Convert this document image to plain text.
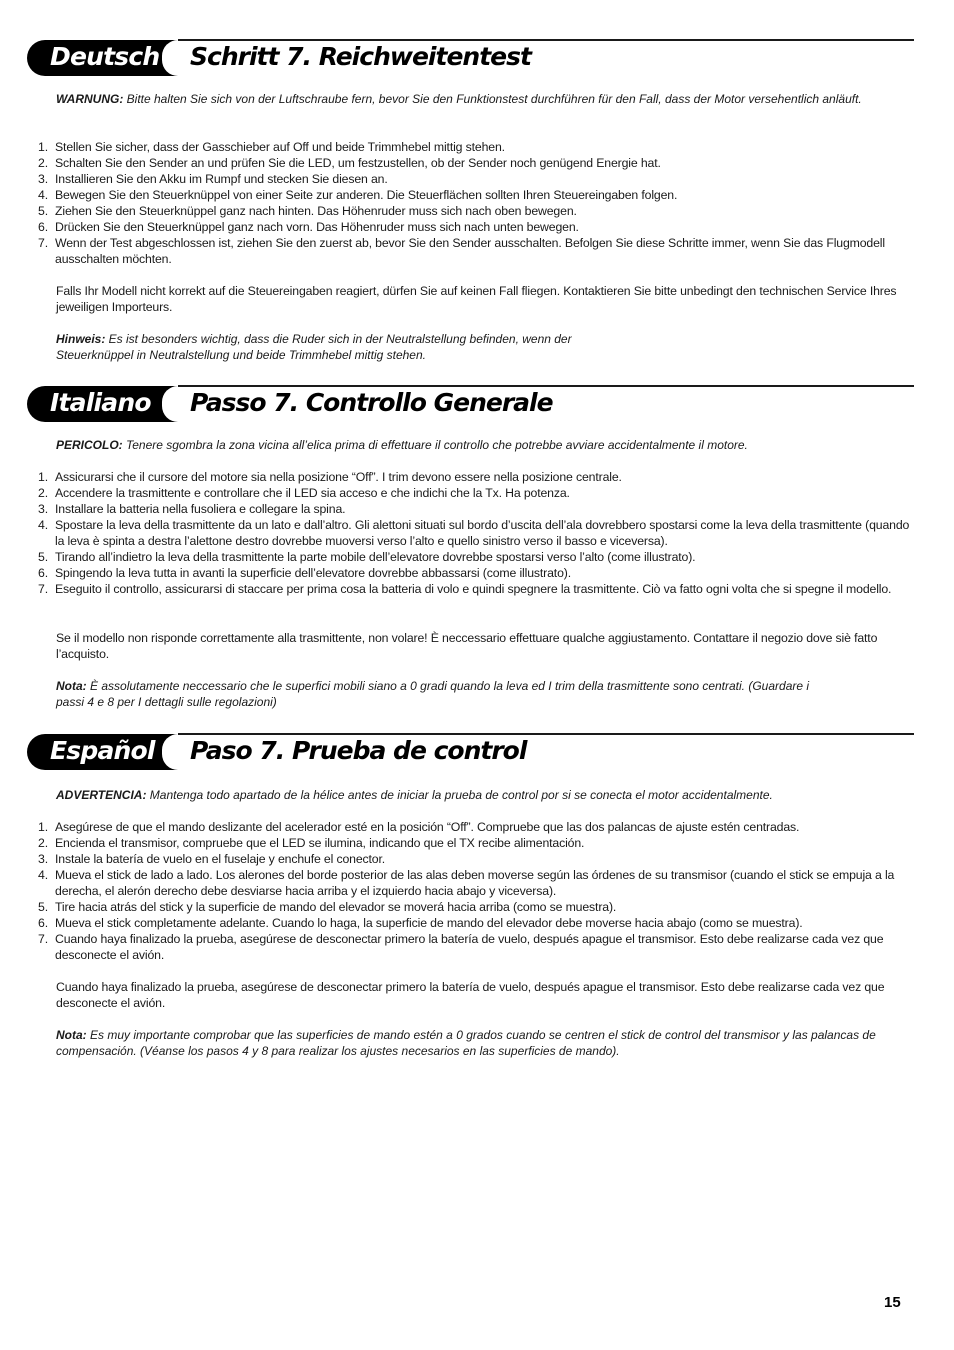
Deutsch	Schritt 7. Reichweitentest
WARNUNG: Bitte halten Sie sich von der Luftschraube fern, bevor Sie den Funktionstest durchführen für den Fall, dass der Motor versehentlich anläuft.
1. Stellen Sie sicher, dass der Gasschieber auf Off und beide Trimmhebel mittig stehen.
2. Schalten Sie den Sender an und prüfen Sie die LED, um festzustellen, ob der Sender noch genügend Energie hat.
3. Installieren Sie den Akku im Rumpf und stecken Sie diesen an.
4. Bewegen Sie den Steuerknüppel von einer Seite zur anderen. Die Steuerflächen sollten Ihren Steuereingaben folgen.
5. Ziehen Sie den Steuerknüppel ganz nach hinten. Das Höhenruder muss sich nach oben bewegen.
6. Drücken Sie den Steuerknüppel ganz nach vorn. Das Höhenruder muss sich nach unten bewegen.
7. Wenn der Test abgeschlossen ist, ziehen Sie den zuerst ab, bevor Sie den Sender ausschalten. Befolgen Sie diese Schritte immer, wenn Sie das Flugmodell ausschalten möchten.
Falls Ihr Modell nicht korrekt auf die Steuereingaben reagiert, dürfen Sie auf keinen Fall fliegen. Kontaktieren Sie bitte unbedingt den technischen Service Ihres jeweiligen Importeurs.
Hinweis: Es ist besonders wichtig, dass die Ruder sich in der Neutralstellung befinden, wenn der Steuerknüppel in Neutralstellung und beide Trimmhebel mittig stehen.
Italiano	Passo 7. Controllo Generale
PERICOLO: Tenere sgombra la zona vicina all’elica prima di effettuare il controllo che potrebbe avviare accidentalmente il motore.
1. Assicurarsi che il cursore del motore sia nella posizione “Off”. I trim devono essere nella posizione centrale.
2. Accendere la trasmittente e controllare che il LED sia acceso e che indichi che la Tx. Ha potenza.
3. Installare la batteria nella fusoliera e collegare la spina.
4. Spostare la leva della trasmittente da un lato e dall’altro. Gli alettoni situati sul bordo d’uscita dell’ala dovrebbero spostarsi come la leva della trasmittente (quando la leva è spinta a destra l’alettone destro dovrebbe muoversi verso l’alto e quello sinistro verso il basso e viceversa).
5. Tirando all’indietro la leva della trasmittente la parte mobile dell’elevatore dovrebbe spostarsi verso l’alto (come illustrato).
6. Spingendo la leva tutta in avanti la superficie dell’elevatore dovrebbe abbassarsi (come illustrato).
7. Eseguito il controllo, assicurarsi di staccare per prima cosa la batteria di volo e quindi spegnere la trasmittente. Ciò va fatto ogni volta che si spegne il modello.
Se il modello non risponde correttamente alla trasmittente, non volare! È neccessario effettuare qualche aggiustamento. Contattare il negozio dove siè fatto l’acquisto.
Nota: È assolutamente neccessario che le superfici mobili siano a 0 gradi quando la leva ed I trim della trasmittente sono centrati. (Guardare i passi 4 e 8 per I dettagli sulle regolazioni)
Español	Paso 7. Prueba de control
ADVERTENCIA: Mantenga todo apartado de la hélice antes de iniciar la prueba de control por si se conecta el motor accidentalmente.
1. Asegúrese de que el mando deslizante del acelerador esté en la posición “Off”. Compruebe que las dos palancas de ajuste estén centradas.
2. Encienda el transmisor, compruebe que el LED se ilumina, indicando que el TX recibe alimentación.
3. Instale la batería de vuelo en el fuselaje y enchufe el conector.
4. Mueva el stick de lado a lado. Los alerones del borde posterior de las alas deben moverse según las órdenes de su transmisor (cuando el stick se empuja a la derecha, el alerón derecho debe desviarse hacia arriba y el izquierdo hacia abajo y viceversa).
5. Tire hacia atrás del stick y la superficie de mando del elevador se moverá hacia arriba (como se muestra).
6. Mueva el stick completamente adelante. Cuando lo haga, la superficie de mando del elevador debe moverse hacia abajo (como se muestra).
7. Cuando haya finalizado la prueba, asegúrese de desconectar primero la batería de vuelo, después apague el transmisor. Esto debe realizarse cada vez que desconecte el avión.
Cuando haya finalizado la prueba, asegúrese de desconectar primero la batería de vuelo, después apague el transmisor. Esto debe realizarse cada vez que desconecte el avión.
Nota: Es muy importante comprobar que las superficies de mando estén a 0 grados cuando se centren el stick de control del transmisor y las palancas de compensación. (Véanse los pasos 4 y 8 para realizar los ajustes necesarios en las superficies de mando).
15
